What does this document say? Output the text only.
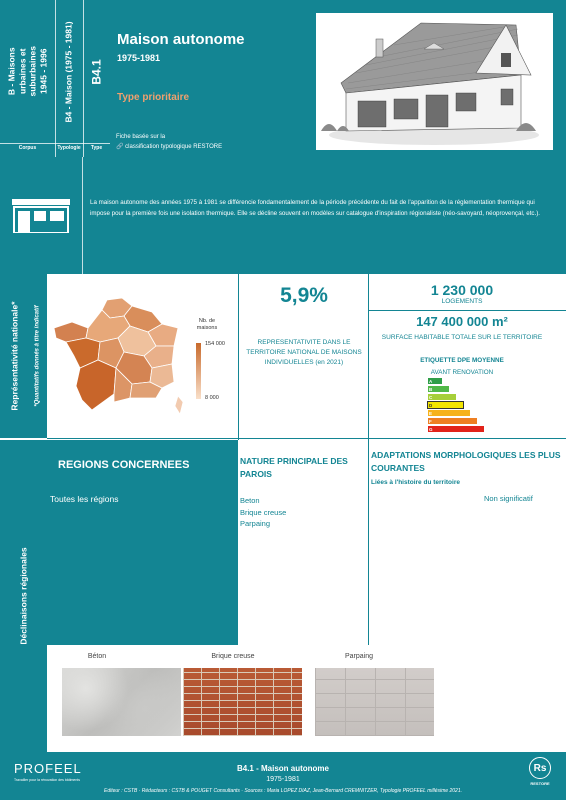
B - Maisons urbaines et suburbaines 1945 - 1996 B4 - Maison (1975 - 1981) B4.1
Corpus	Typologie	Type
Maison autonome
1975-1981
Type prioritaire
Fiche basée sur la
🔗 classification typologique RESTORE
La maison autonome des années 1975 à 1981 se différencie fondamentalement de la période précédente du fait de l'apparition de la réglementation thermique qui impose pour la première fois une isolation thermique. Elle se décline souvent en modèles sur catalogue d'inspiration régionaliste (néo-savoyard, néoprovençal, etc.).
Représentativité nationale* *Quantitatifs donnés à titre indicatif	Nb. de maisons
154 000
8 000
5,9%
REPRESENTATIVITE DANS LE TERRITOIRE NATIONAL DE MAISONS INDIVIDUELLES (en 2021)
1 230 000
LOGEMENTS
147 400 000 m²
SURFACE HABITABLE TOTALE SUR LE TERRITOIRE
ETIQUETTE DPE MOYENNE
AVANT RENOVATION
A
B
C
D
E
F
G
Déclinaisons régionales
REGIONS CONCERNEES
Toutes les régions
NATURE PRINCIPALE DES PAROIS
Beton
Brique creuse
Parpaing
ADAPTATIONS MORPHOLOGIQUES LES PLUS COURANTES
Liées à l'histoire du territoire
Non significatif
Béton	Brique creuse	Parpaing
PROFEEL
Travailler pour la rénovation des bâtiments
B4.1 - Maison autonome
1975-1981
Editeur : CSTB · Rédacteurs : CSTB & POUGET Consultants · Sources : Maria LOPEZ DIAZ, Jean-Bernard CREMNITZER, Typologie PROFEEL millésime 2021.
Rs
RESTORE
